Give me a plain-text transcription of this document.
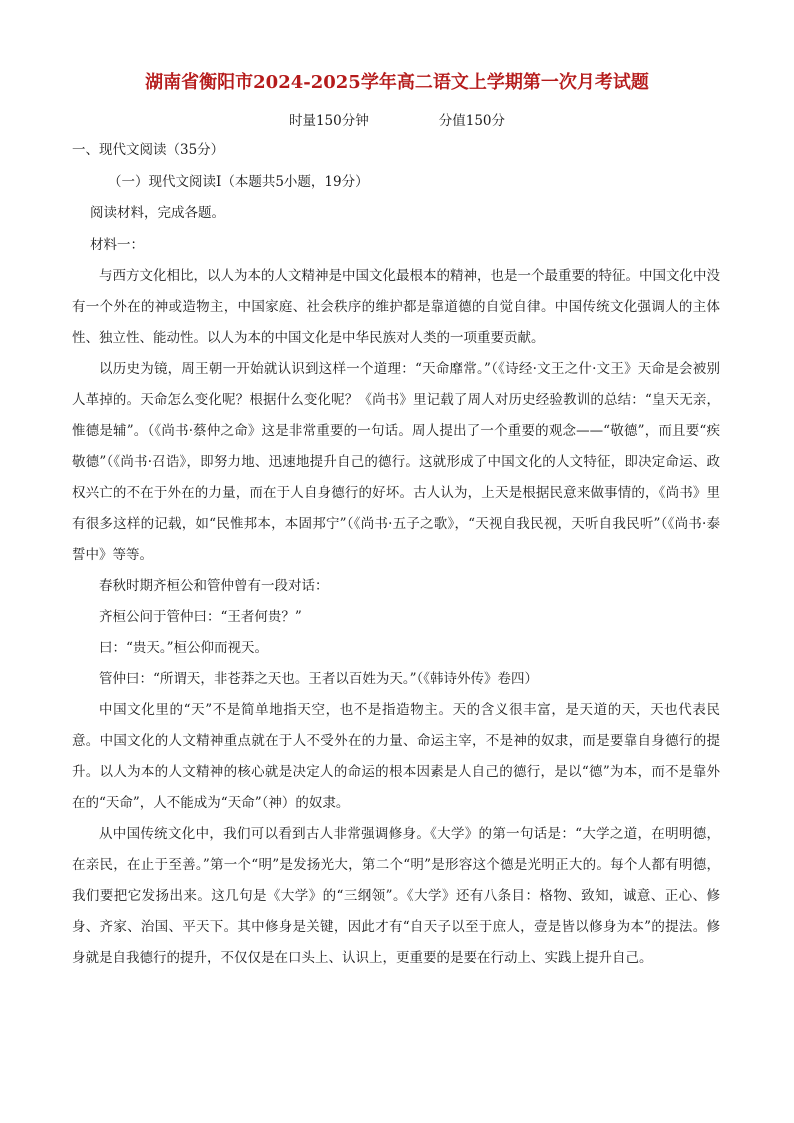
湖南省衡阳市2024-2025学年高二语文上学期第一次月考试题
时量150分钟	分值150分
一、现代文阅读（35分）
（一）现代文阅读Ⅰ（本题共5小题，19分）
阅读材料，完成各题。
材料一：

与西方文化相比，以人为本的人文精神是中国文化最根本的精神，也是一个最重要的特征。中国文化中没有一个外在的神或造物主，中国家庭、社会秩序的维护都是靠道德的自觉自律。中国传统文化强调人的主体性、独立性、能动性。以人为本的中国文化是中华民族对人类的一项重要贡献。

以历史为镜，周王朝一开始就认识到这样一个道理：“天命靡常。”（《诗经·文王之什·文王》天命是会被别人革掉的。天命怎么变化呢？根据什么变化呢？《尚书》里记载了周人对历史经验教训的总结：“皇天无亲，惟德是辅”。（《尚书·蔡仲之命》这是非常重要的一句话。周人提出了一个重要的观念——“敬德”，而且要“疾敬德”（《尚书·召诰》，即努力地、迅速地提升自己的德行。这就形成了中国文化的人文特征，即决定命运、政权兴亡的不在于外在的力量，而在于人自身德行的好坏。古人认为，上天是根据民意来做事情的，《尚书》里有很多这样的记载，如“民惟邦本，本固邦宁”（《尚书·五子之歌》，“天视自我民视，天听自我民听”（《尚书·泰誓中》等等。

春秋时期齐桓公和管仲曾有一段对话：

齐桓公问于管仲曰：“王者何贵？”

曰：“贵天。”桓公仰而视天。

管仲曰：“所谓天，非苍莽之天也。王者以百姓为天。”（《韩诗外传》卷四）

中国文化里的“天”不是简单地指天空，也不是指造物主。天的含义很丰富，是天道的天，天也代表民意。中国文化的人文精神重点就在于人不受外在的力量、命运主宰，不是神的奴隶，而是要靠自身德行的提升。以人为本的人文精神的核心就是决定人的命运的根本因素是人自己的德行，是以“德”为本，而不是靠外在的“天命”，人不能成为“天命”（神）的奴隶。

从中国传统文化中，我们可以看到古人非常强调修身。《大学》的第一句话是：“大学之道，在明明德，在亲民，在止于至善。”第一个“明”是发扬光大，第二个“明”是形容这个德是光明正大的。每个人都有明德，我们要把它发扬出来。这几句是《大学》的“三纲领”。《大学》还有八条目：格物、致知，诚意、正心、修身、齐家、治国、平天下。其中修身是关键，因此才有“自天子以至于庶人，壹是皆以修身为本”的提法。修身就是自我德行的提升，不仅仅是在口头上、认识上，更重要的是要在行动上、实践上提升自己。
